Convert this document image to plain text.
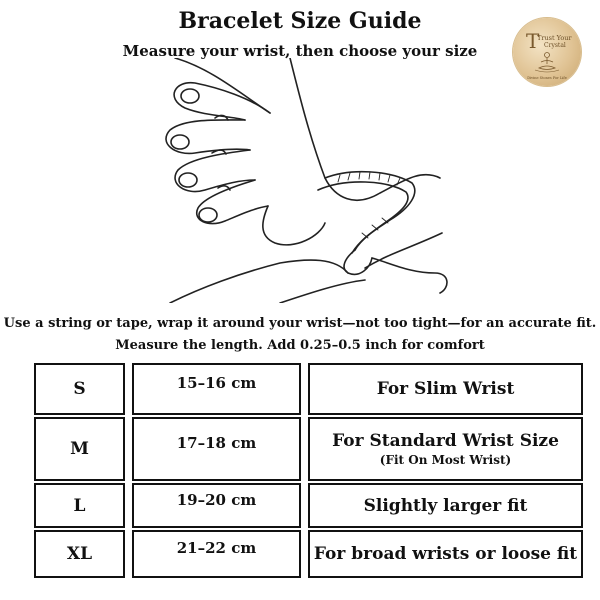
Bracelet Size Guide
Measure your wrist, then choose your size	T
Trust Your
Crystal
Divine Stones For Life
Use a string or tape, wrap it around your wrist—not too tight—for an accurate fit.
Measure the length. Add 0.25–0.5 inch for comfort
S	15–16 cm	For Slim Wrist
M	17–18 cm	For Standard Wrist Size
(Fit On Most Wrist)
L	19–20 cm	Slightly larger fit
XL	21–22 cm	For broad wrists or loose fit
